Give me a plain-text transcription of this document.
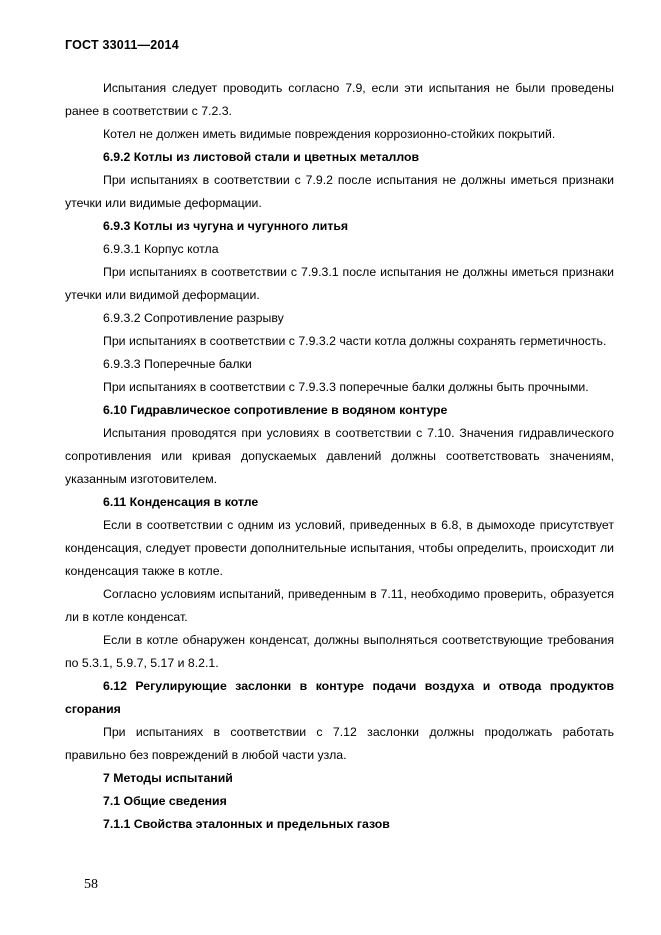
ГОСТ 33011—2014

Испытания следует проводить согласно 7.9, если эти испытания не были проведены ранее в соответствии с 7.2.3.

Котел не должен иметь видимые повреждения коррозионно-стойких покрытий.

6.9.2 Котлы из листовой стали и цветных металлов

При испытаниях в соответствии с 7.9.2 после испытания не должны иметься признаки утечки или видимые деформации.

6.9.3 Котлы из чугуна и чугунного литья

6.9.3.1 Корпус котла

При испытаниях в соответствии с 7.9.3.1 после испытания не должны иметься признаки утечки или видимой деформации.

6.9.3.2 Сопротивление разрыву

При испытаниях в соответствии с 7.9.3.2 части котла должны сохранять герметичность.

6.9.3.3 Поперечные балки

При испытаниях в соответствии с 7.9.3.3 поперечные балки должны быть прочными.

6.10 Гидравлическое сопротивление в водяном контуре

Испытания проводятся при условиях в соответствии с 7.10. Значения гидравлического сопротивления или кривая допускаемых давлений должны соответствовать значениям, указанным изготовителем.

6.11 Конденсация в котле

Если в соответствии с одним из условий, приведенных в 6.8, в дымоходе присутствует конденсация, следует провести дополнительные испытания, чтобы определить, происходит ли конденсация также в котле.

Согласно условиям испытаний, приведенным в 7.11, необходимо проверить, образуется ли в котле конденсат.

Если в котле обнаружен конденсат, должны выполняться соответствующие требования по 5.3.1, 5.9.7, 5.17 и 8.2.1.

6.12 Регулирующие заслонки в контуре подачи воздуха и отвода продуктов сгорания

При испытаниях в соответствии с 7.12 заслонки должны продолжать работать правильно без повреждений в любой части узла.

7 Методы испытаний

7.1 Общие сведения

7.1.1 Свойства эталонных и предельных газов

58
